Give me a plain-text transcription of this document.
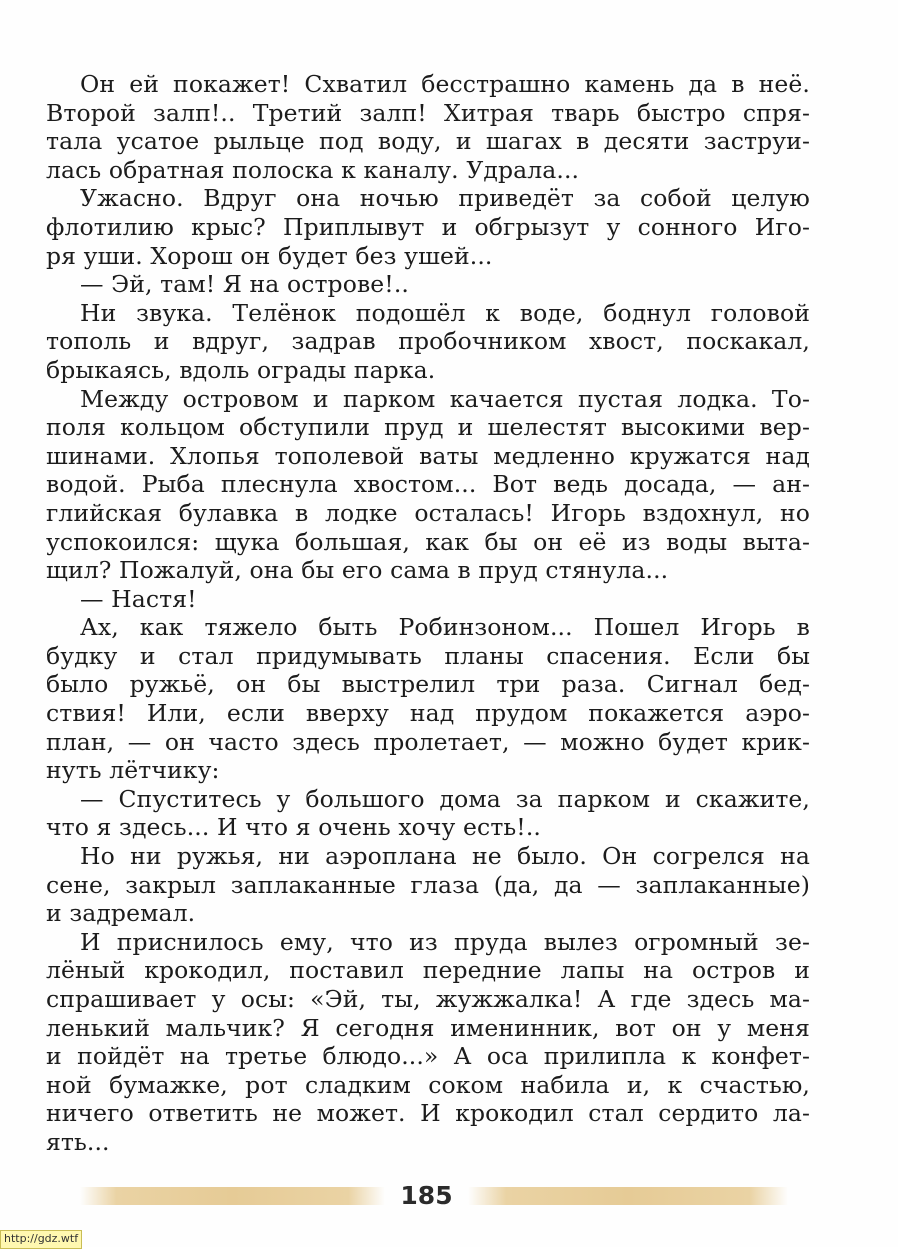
Он ей покажет! Схватил бесстрашно камень да в неё.
Второй залп!.. Третий залп! Хитрая тварь быстро спря-
тала усатое рыльце под воду, и шагах в десяти заструи-
лась обратная полоска к каналу. Удрала...
Ужасно. Вдруг она ночью приведёт за собой целую
флотилию крыс? Приплывут и обгрызут у сонного Иго-
ря уши. Хорош он будет без ушей...
— Эй, там! Я на острове!..
Ни звука. Телёнок подошёл к воде, боднул головой
тополь и вдруг, задрав пробочником хвост, поскакал,
брыкаясь, вдоль ограды парка.
Между островом и парком качается пустая лодка. То-
поля кольцом обступили пруд и шелестят высокими вер-
шинами. Хлопья тополевой ваты медленно кружатся над
водой. Рыба плеснула хвостом... Вот ведь досада, — ан-
глийская булавка в лодке осталась! Игорь вздохнул, но
успокоился: щука большая, как бы он её из воды выта-
щил? Пожалуй, она бы его сама в пруд стянула...
— Настя!
Ах, как тяжело быть Робинзоном... Пошел Игорь в
будку и стал придумывать планы спасения. Если бы
было ружьё, он бы выстрелил три раза. Сигнал бед-
ствия! Или, если вверху над прудом покажется аэро-
план, — он часто здесь пролетает, — можно будет крик-
нуть лётчику:
— Спуститесь у большого дома за парком и скажите,
что я здесь... И что я очень хочу есть!..
Но ни ружья, ни аэроплана не было. Он согрелся на
сене, закрыл заплаканные глаза (да, да — заплаканные)
и задремал.
И приснилось ему, что из пруда вылез огромный зе-
лёный крокодил, поставил передние лапы на остров и
спрашивает у осы: «Эй, ты, жужжалка! А где здесь ма-
ленький мальчик? Я сегодня именинник, вот он у меня
и пойдёт на третье блюдо...» А оса прилипла к конфет-
ной бумажке, рот сладким соком набила и, к счастью,
ничего ответить не может. И крокодил стал сердито ла-
ять...
185
http://gdz.wtf
